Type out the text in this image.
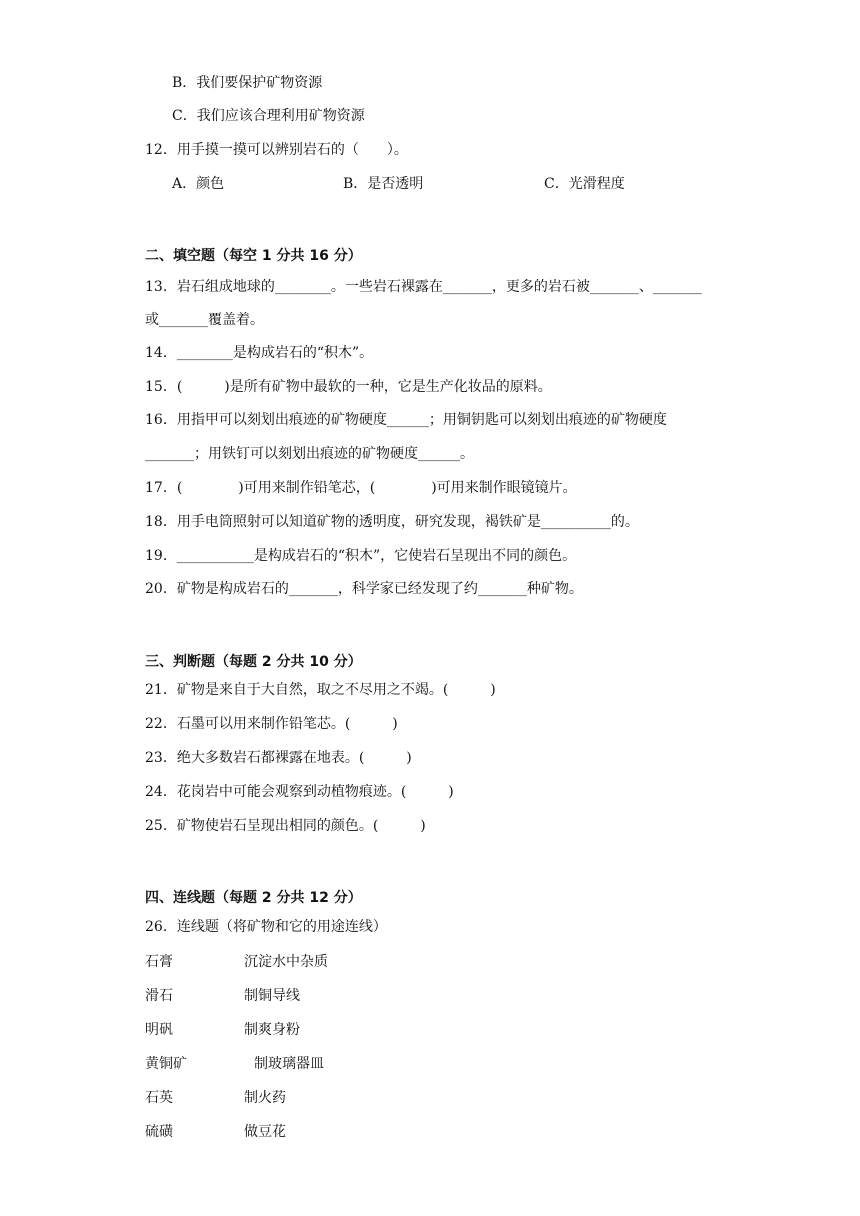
B．我们要保护矿物资源
C．我们应该合理利用矿物资源
12．用手摸一摸可以辨别岩石的（　　）。
A．颜色	B．是否透明	C．光滑程度
二、填空题（每空 1 分共 16 分）
13．岩石组成地球的________。一些岩石裸露在_______，更多的岩石被_______、_______
或_______覆盖着。
14．________是构成岩石的“积木”。
15．(　　　)是所有矿物中最软的一种，它是生产化妆品的原料。
16．用指甲可以刻划出痕迹的矿物硬度______；用铜钥匙可以刻划出痕迹的矿物硬度
_______；用铁钉可以刻划出痕迹的矿物硬度______。
17．(　　　　)可用来制作铅笔芯，(　　　　)可用来制作眼镜镜片。
18．用手电筒照射可以知道矿物的透明度，研究发现，褐铁矿是__________的。
19．___________是构成岩石的“积木”，它使岩石呈现出不同的颜色。
20．矿物是构成岩石的_______，科学家已经发现了约_______种矿物。
三、判断题（每题 2 分共 10 分）
21．矿物是来自于大自然，取之不尽用之不竭。(　　　)
22．石墨可以用来制作铅笔芯。(　　　)
23．绝大多数岩石都裸露在地表。(　　　)
24．花岗岩中可能会观察到动植物痕迹。(　　　)
25．矿物使岩石呈现出相同的颜色。(　　　)
四、连线题（每题 2 分共 12 分）
26．连线题（将矿物和它的用途连线）
石膏	沉淀水中杂质
滑石	制铜导线
明矾	制爽身粉
黄铜矿	制玻璃器皿
石英	制火药
硫磺	做豆花
